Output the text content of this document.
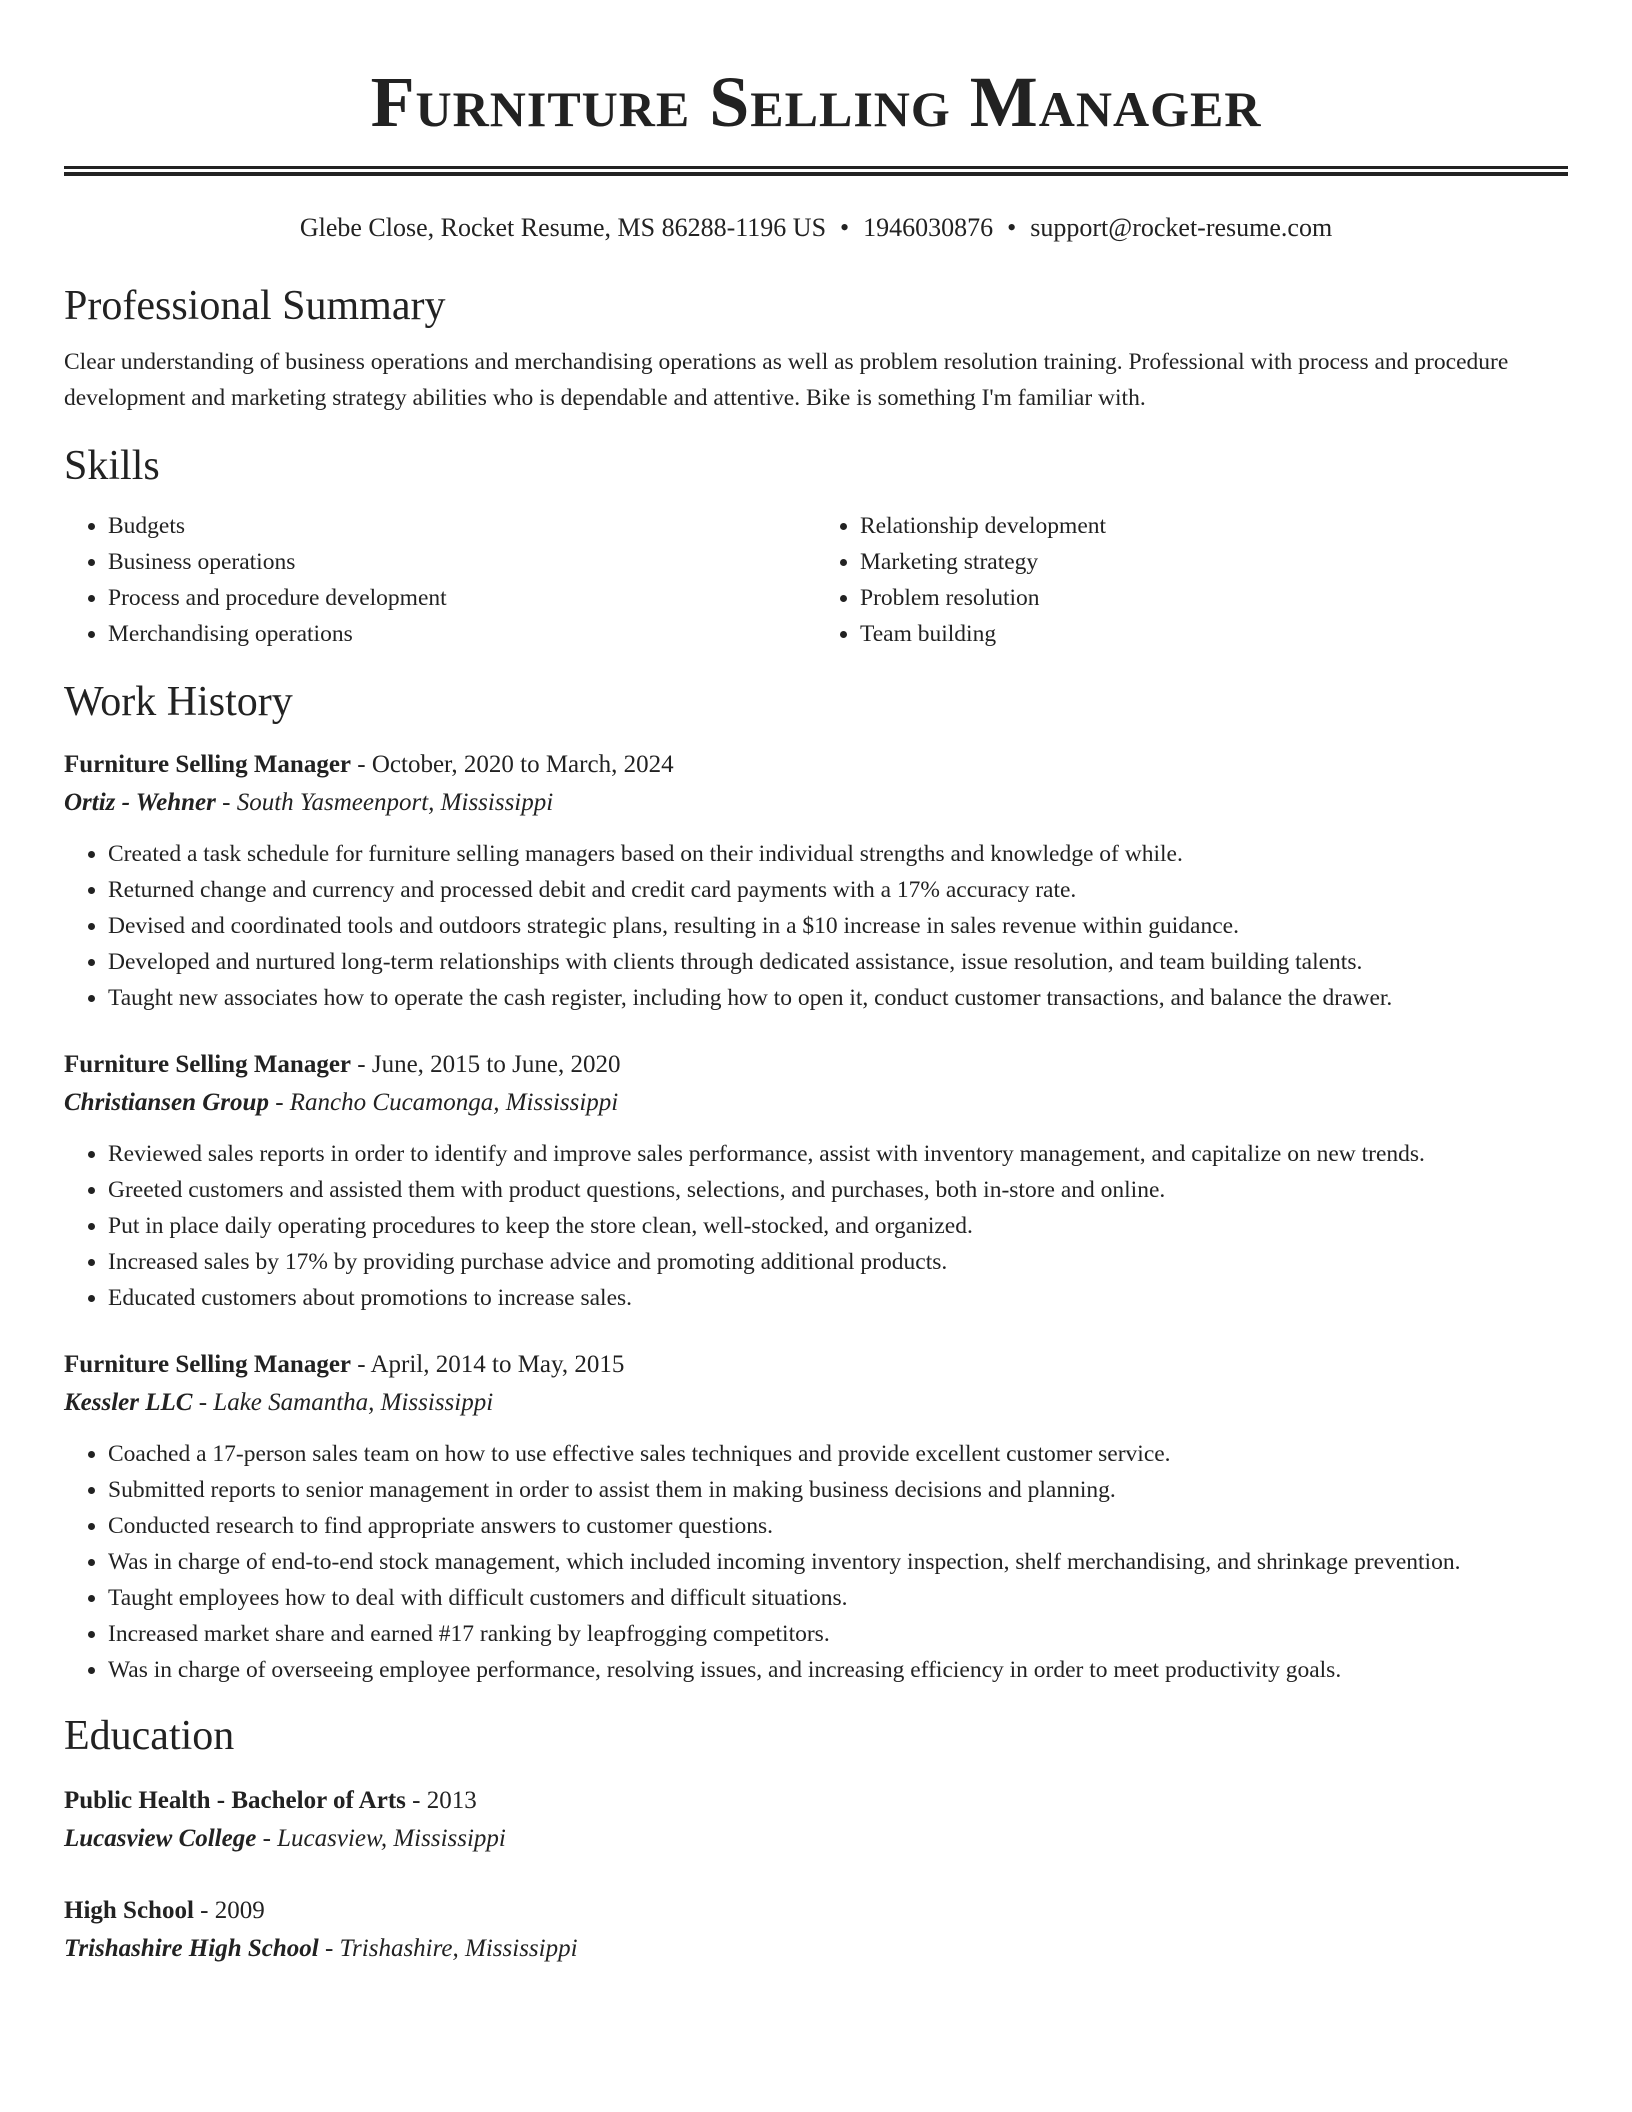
Furniture Selling Manager
Glebe Close, Rocket Resume, MS 86288-1196 US • 1946030876 • support@rocket-resume.com
Professional Summary

Clear understanding of business operations and merchandising operations as well as problem resolution training. Professional with process and procedure development and marketing strategy abilities who is dependable and attentive. Bike is something I'm familiar with.

Skills
• Budgets
• Business operations
• Process and procedure development
• Merchandising operations
• Relationship development
• Marketing strategy
• Problem resolution
• Team building
Work History
Furniture Selling Manager - October, 2020 to March, 2024
Ortiz - Wehner - South Yasmeenport, Mississippi
• Created a task schedule for furniture selling managers based on their individual strengths and knowledge of while.
• Returned change and currency and processed debit and credit card payments with a 17% accuracy rate.
• Devised and coordinated tools and outdoors strategic plans, resulting in a $10 increase in sales revenue within guidance.
• Developed and nurtured long-term relationships with clients through dedicated assistance, issue resolution, and team building talents.
• Taught new associates how to operate the cash register, including how to open it, conduct customer transactions, and balance the drawer.
Furniture Selling Manager - June, 2015 to June, 2020
Christiansen Group - Rancho Cucamonga, Mississippi
• Reviewed sales reports in order to identify and improve sales performance, assist with inventory management, and capitalize on new trends.
• Greeted customers and assisted them with product questions, selections, and purchases, both in-store and online.
• Put in place daily operating procedures to keep the store clean, well-stocked, and organized.
• Increased sales by 17% by providing purchase advice and promoting additional products.
• Educated customers about promotions to increase sales.
Furniture Selling Manager - April, 2014 to May, 2015
Kessler LLC - Lake Samantha, Mississippi
• Coached a 17-person sales team on how to use effective sales techniques and provide excellent customer service.
• Submitted reports to senior management in order to assist them in making business decisions and planning.
• Conducted research to find appropriate answers to customer questions.
• Was in charge of end-to-end stock management, which included incoming inventory inspection, shelf merchandising, and shrinkage prevention.
• Taught employees how to deal with difficult customers and difficult situations.
• Increased market share and earned #17 ranking by leapfrogging competitors.
• Was in charge of overseeing employee performance, resolving issues, and increasing efficiency in order to meet productivity goals.
Education
Public Health - Bachelor of Arts - 2013
Lucasview College - Lucasview, Mississippi
High School - 2009
Trishashire High School - Trishashire, Mississippi
